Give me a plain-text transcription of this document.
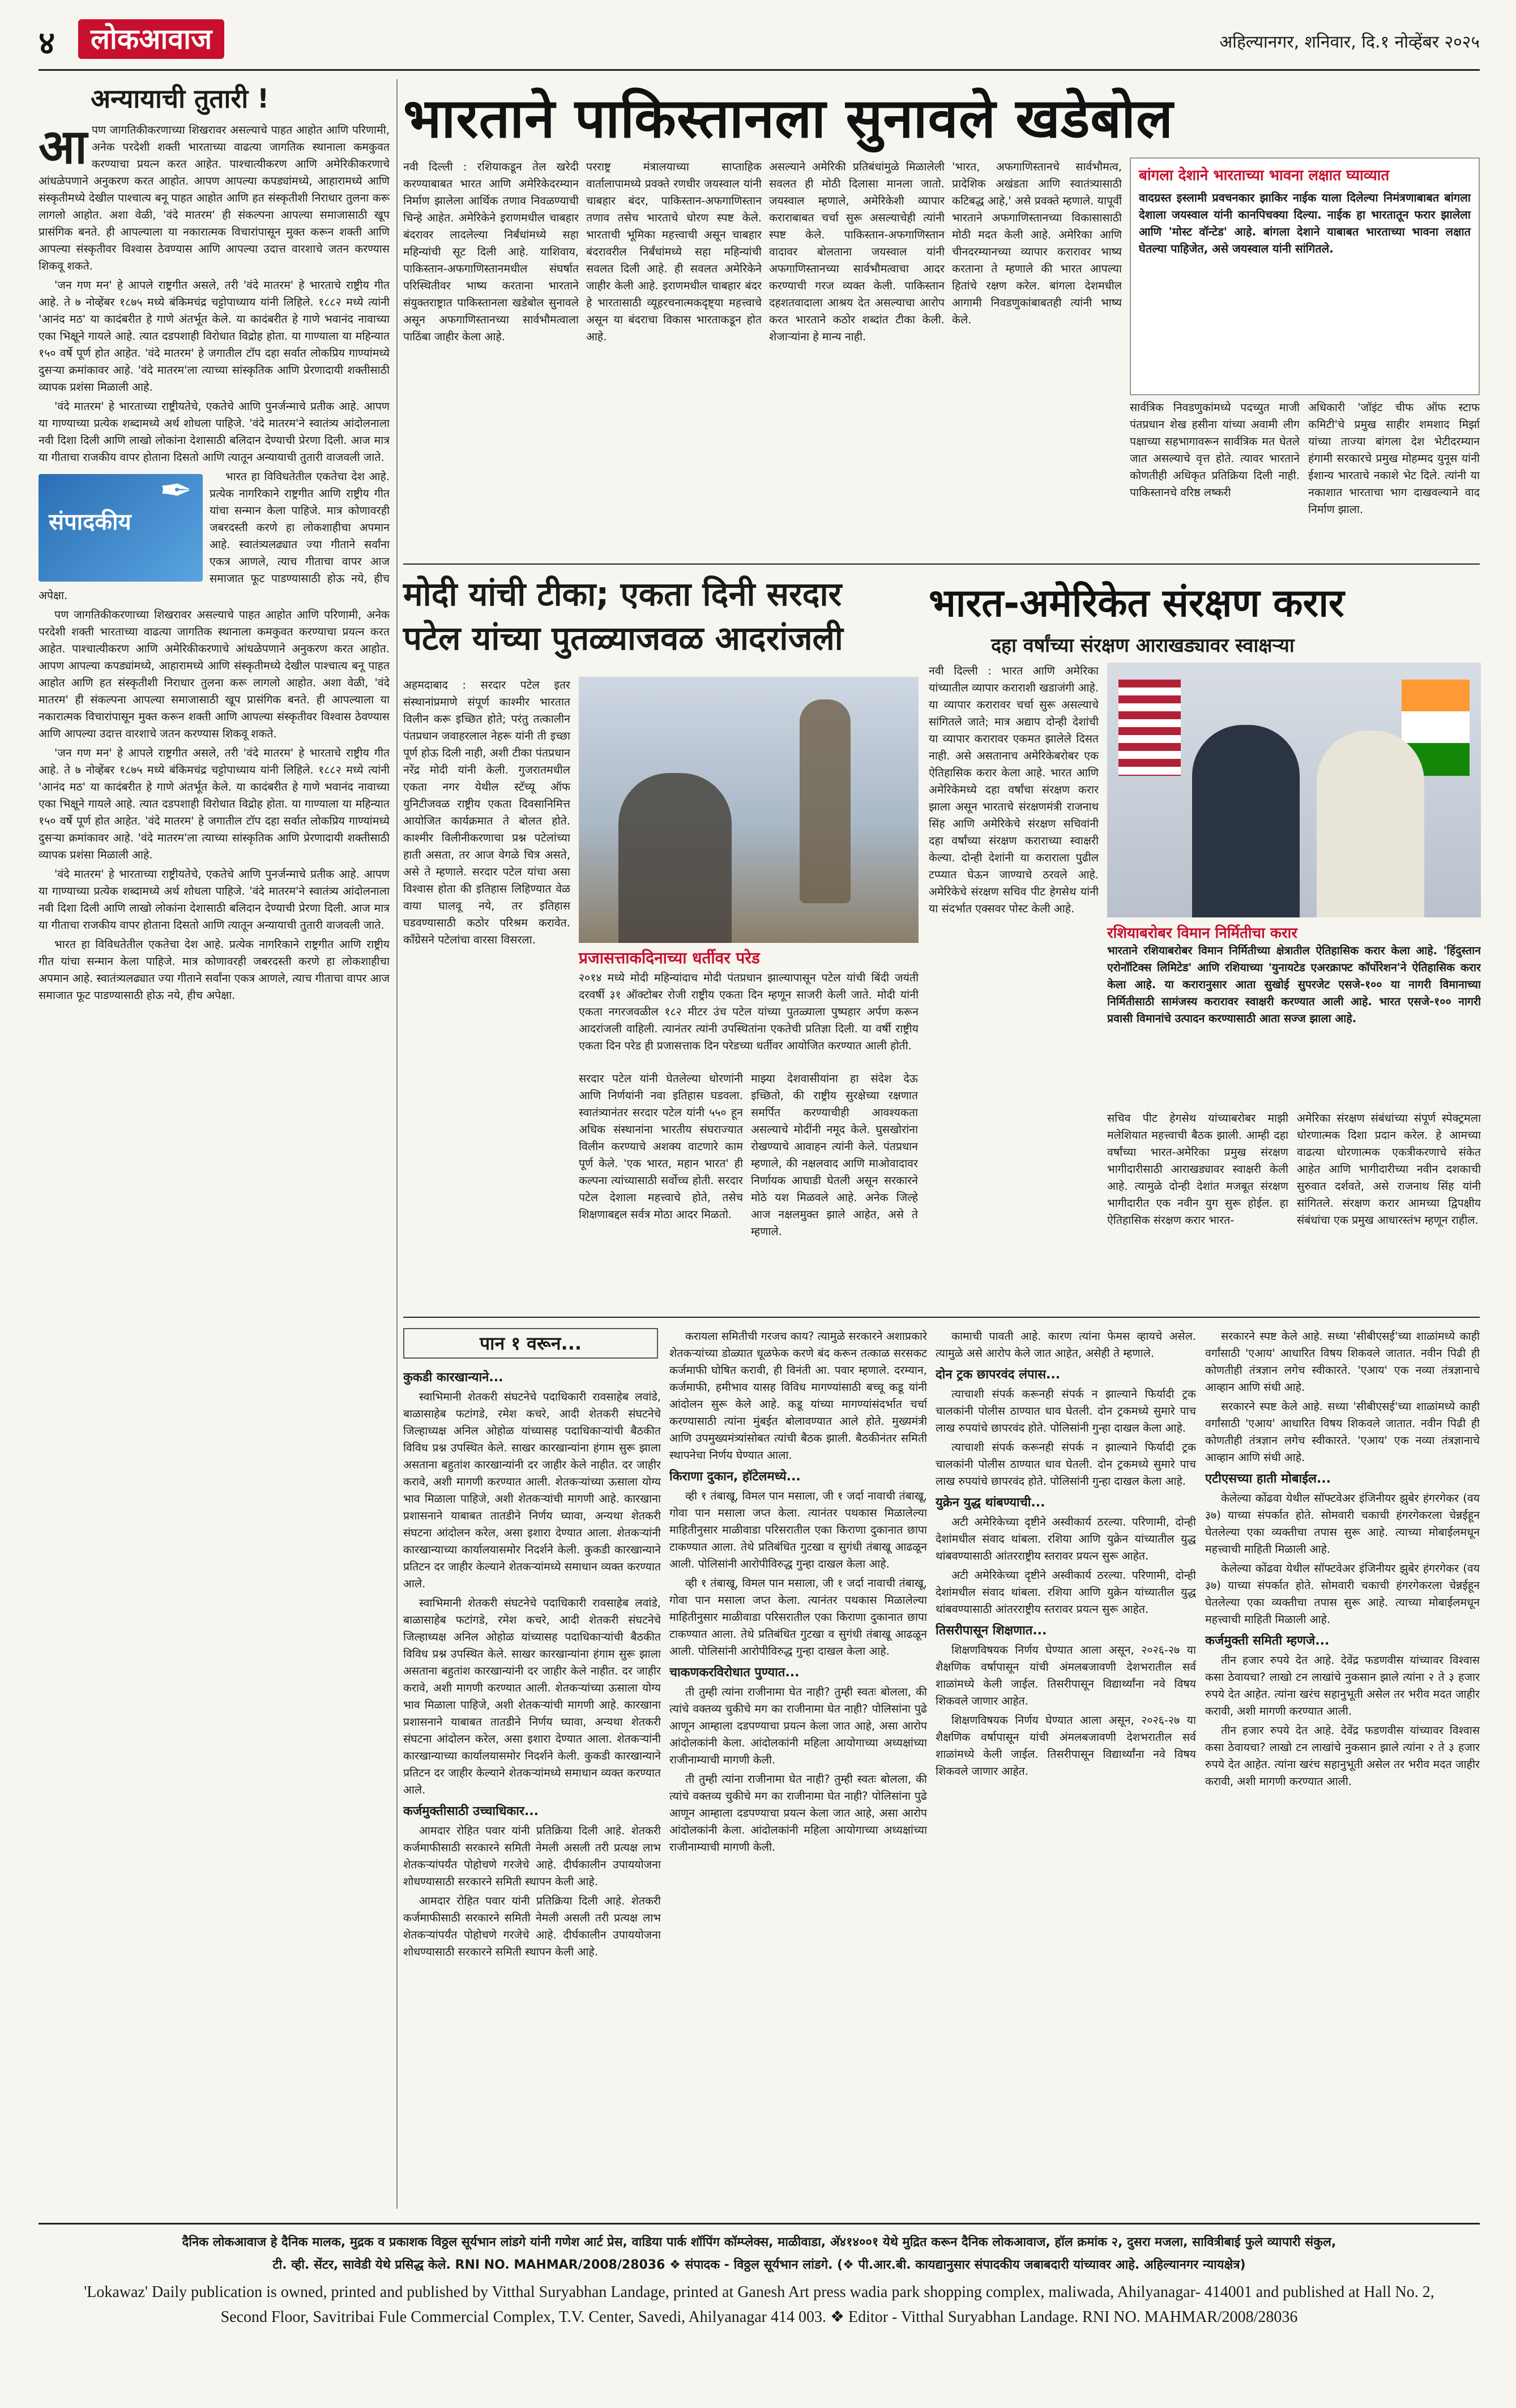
४	लोकआवाज	अहिल्यानगर, शनिवार, दि.१ नोव्हेंबर २०२५
अन्यायाची तुतारी !
आ पण जागतिकीकरणाच्या शिखरावर असल्याचे पाहत आहोत आणि परिणामी, अनेक परदेशी शक्ती भारताच्या वाढत्या जागतिक स्थानाला कमकुवत करण्याचा प्रयत्न करत आहेत. पाश्चात्यीकरण आणि अमेरिकीकरणाचे आंधळेपणाने अनुकरण करत आहोत. आपण आपल्या कपड्यांमध्ये, आहारामध्ये आणि संस्कृतीमध्ये देखील पाश्चात्य बनू पाहत आहोत आणि हत संस्कृतीशी निराधार तुलना करू लागलो आहोत. अशा वेळी, 'वंदे मातरम' ही संकल्पना आपल्या समाजासाठी खूप प्रासंगिक बनते. ही आपल्याला या नकारात्मक विचारांपासून मुक्त करून शक्ती आणि आपल्या संस्कृतीवर विश्वास ठेवण्यास आणि आपल्या उदात्त वारशाचे जतन करण्यास शिकवू शकते.

'जन गण मन' हे आपले राष्ट्रगीत असले, तरी 'वंदे मातरम' हे भारताचे राष्ट्रीय गीत आहे. ते ७ नोव्हेंबर १८७५ मध्ये बंकिमचंद्र चट्टोपाध्याय यांनी लिहिले. १८८२ मध्ये त्यांनी 'आनंद मठ' या कादंबरीत हे गाणे अंतर्भूत केले. या कादंबरीत हे गाणे भवानंद नावाच्या एका भिक्षूने गायले आहे. त्यात दडपशाही विरोधात विद्रोह होता. या गाण्याला या महिन्यात १५० वर्षे पूर्ण होत आहेत. 'वंदे मातरम' हे जगातील टॉप दहा सर्वात लोकप्रिय गाण्यांमध्ये दुसऱ्या क्रमांकावर आहे. 'वंदे मातरम'ला त्याच्या सांस्कृतिक आणि प्रेरणादायी शक्तीसाठी व्यापक प्रशंसा मिळाली आहे.

'वंदे मातरम' हे भारताच्या राष्ट्रीयतेचे, एकतेचे आणि पुनर्जन्माचे प्रतीक आहे. आपण या गाण्याच्या प्रत्येक शब्दामध्ये अर्थ शोधला पाहिजे. 'वंदे मातरम'ने स्वातंत्र्य आंदोलनाला नवी दिशा दिली आणि लाखो लोकांना देशासाठी बलिदान देण्याची प्रेरणा दिली. आज मात्र या गीताचा राजकीय वापर होताना दिसतो आणि त्यातून अन्यायाची तुतारी वाजवली जाते.

संपादकीय
✒	भारत हा विविधतेतील एकतेचा देश आहे. प्रत्येक नागरिकाने राष्ट्रगीत आणि राष्ट्रीय गीत यांचा सन्मान केला पाहिजे. मात्र कोणावरही जबरदस्ती करणे हा लोकशाहीचा अपमान आहे. स्वातंत्र्यलढ्यात ज्या गीताने सर्वांना एकत्र आणले, त्याच गीताचा वापर आज समाजात फूट पाडण्यासाठी होऊ नये, हीच अपेक्षा.

पण जागतिकीकरणाच्या शिखरावर असल्याचे पाहत आहोत आणि परिणामी, अनेक परदेशी शक्ती भारताच्या वाढत्या जागतिक स्थानाला कमकुवत करण्याचा प्रयत्न करत आहेत. पाश्चात्यीकरण आणि अमेरिकीकरणाचे आंधळेपणाने अनुकरण करत आहोत. आपण आपल्या कपड्यांमध्ये, आहारामध्ये आणि संस्कृतीमध्ये देखील पाश्चात्य बनू पाहत आहोत आणि हत संस्कृतीशी निराधार तुलना करू लागलो आहोत. अशा वेळी, 'वंदे मातरम' ही संकल्पना आपल्या समाजासाठी खूप प्रासंगिक बनते. ही आपल्याला या नकारात्मक विचारांपासून मुक्त करून शक्ती आणि आपल्या संस्कृतीवर विश्वास ठेवण्यास आणि आपल्या उदात्त वारशाचे जतन करण्यास शिकवू शकते.

'जन गण मन' हे आपले राष्ट्रगीत असले, तरी 'वंदे मातरम' हे भारताचे राष्ट्रीय गीत आहे. ते ७ नोव्हेंबर १८७५ मध्ये बंकिमचंद्र चट्टोपाध्याय यांनी लिहिले. १८८२ मध्ये त्यांनी 'आनंद मठ' या कादंबरीत हे गाणे अंतर्भूत केले. या कादंबरीत हे गाणे भवानंद नावाच्या एका भिक्षूने गायले आहे. त्यात दडपशाही विरोधात विद्रोह होता. या गाण्याला या महिन्यात १५० वर्षे पूर्ण होत आहेत. 'वंदे मातरम' हे जगातील टॉप दहा सर्वात लोकप्रिय गाण्यांमध्ये दुसऱ्या क्रमांकावर आहे. 'वंदे मातरम'ला त्याच्या सांस्कृतिक आणि प्रेरणादायी शक्तीसाठी व्यापक प्रशंसा मिळाली आहे.

'वंदे मातरम' हे भारताच्या राष्ट्रीयतेचे, एकतेचे आणि पुनर्जन्माचे प्रतीक आहे. आपण या गाण्याच्या प्रत्येक शब्दामध्ये अर्थ शोधला पाहिजे. 'वंदे मातरम'ने स्वातंत्र्य आंदोलनाला नवी दिशा दिली आणि लाखो लोकांना देशासाठी बलिदान देण्याची प्रेरणा दिली. आज मात्र या गीताचा राजकीय वापर होताना दिसतो आणि त्यातून अन्यायाची तुतारी वाजवली जाते.

भारत हा विविधतेतील एकतेचा देश आहे. प्रत्येक नागरिकाने राष्ट्रगीत आणि राष्ट्रीय गीत यांचा सन्मान केला पाहिजे. मात्र कोणावरही जबरदस्ती करणे हा लोकशाहीचा अपमान आहे. स्वातंत्र्यलढ्यात ज्या गीताने सर्वांना एकत्र आणले, त्याच गीताचा वापर आज समाजात फूट पाडण्यासाठी होऊ नये, हीच अपेक्षा.

भारताने पाकिस्तानला सुनावले खडेबोल
नवी दिल्ली : रशियाकडून तेल खरेदी करण्याबाबत भारत आणि अमेरिकेदरम्यान निर्माण झालेला आर्थिक तणाव निवळण्याची चिन्हे आहेत. अमेरिकेने इराणमधील चाबहार बंदरावर लादलेल्या निर्बंधांमध्ये सहा महिन्यांची सूट दिली आहे. याशिवाय, पाकिस्तान-अफगाणिस्तानमधील संघर्षात परिस्थितीवर भाष्य करताना भारताने संयुक्तराष्ट्रात पाकिस्तानला खडेबोल सुनावले असून अफगाणिस्तानच्या सार्वभौमत्वाला पाठिंबा जाहीर केला आहे.
परराष्ट्र मंत्रालयाच्या साप्ताहिक वार्तालापामध्ये प्रवक्ते रणधीर जयस्वाल यांनी चाबहार बंदर, पाकिस्तान-अफगाणिस्तान तणाव तसेच भारताचे धोरण स्पष्ट केले. भारताची भूमिका महत्त्वाची असून चाबहार बंदरावरील निर्बंधांमध्ये सहा महिन्यांची सवलत दिली आहे. ही सवलत अमेरिकेने जाहीर केली आहे. इराणमधील चाबहार बंदर हे भारतासाठी व्यूहरचनात्मकदृष्ट्या महत्त्वाचे असून या बंदराचा विकास भारताकडून होत आहे.
असल्याने अमेरिकी प्रतिबंधांमुळे मिळालेली सवलत ही मोठी दिलासा मानला जातो. जयस्वाल म्हणाले, अमेरिकेशी व्यापार कराराबाबत चर्चा सुरू असल्याचेही त्यांनी स्पष्ट केले. पाकिस्तान-अफगाणिस्तान वादावर बोलताना जयस्वाल यांनी अफगाणिस्तानच्या सार्वभौमत्वाचा आदर करण्याची गरज व्यक्त केली. पाकिस्तान दहशतवादाला आश्रय देत असल्याचा आरोप करत भारताने कठोर शब्दांत टीका केली. शेजाऱ्यांना हे मान्य नाही.
'भारत, अफगाणिस्तानचे सार्वभौमत्व, प्रादेशिक अखंडता आणि स्वातंत्र्यासाठी कटिबद्ध आहे,' असे प्रवक्ते म्हणाले. यापूर्वी भारताने अफगाणिस्तानच्या विकासासाठी मोठी मदत केली आहे. अमेरिका आणि चीनदरम्यानच्या व्यापार करारावर भाष्य करताना ते म्हणाले की भारत आपल्या हितांचे रक्षण करेल. बांगला देशमधील आगामी निवडणुकांबाबतही त्यांनी भाष्य केले.
बांगला देशाने भारताच्या भावना लक्षात घ्याव्यात
वादग्रस्त इस्लामी प्रवचनकार झाकिर नाईक याला दिलेल्या निमंत्रणाबाबत बांगला देशाला जयस्वाल यांनी कानपिचक्या दिल्या. नाईक हा भारतातून फरार झालेला आणि 'मोस्ट वॉन्टेड' आहे. बांगला देशाने याबाबत भारताच्या भावना लक्षात घेतल्या पाहिजेत, असे जयस्वाल यांनी सांगितले.
सार्वत्रिक निवडणुकांमध्ये पदच्युत माजी पंतप्रधान शेख हसीना यांच्या अवामी लीग पक्षाच्या सहभागावरून सार्वत्रिक मत घेतले जात असल्याचे वृत्त होते. त्यावर भारताने कोणतीही अधिकृत प्रतिक्रिया दिली नाही. पाकिस्तानचे वरिष्ठ लष्करी
अधिकारी 'जॉइंट चीफ ऑफ स्टाफ कमिटी'चे प्रमुख साहीर शमशाद मिर्झा यांच्या ताज्या बांगला देश भेटीदरम्यान हंगामी सरकारचे प्रमुख मोहम्मद युनूस यांनी ईशान्य भारताचे नकाशे भेट दिले. त्यांनी या नकाशात भारताचा भाग दाखवल्याने वाद निर्माण झाला.
मोदी यांची टीका; एकता दिनी सरदार
पटेल यांच्या पुतळ्याजवळ आदरांजली
अहमदाबाद : सरदार पटेल इतर संस्थानांप्रमाणे संपूर्ण काश्मीर भारतात विलीन करू इच्छित होते; परंतु तत्कालीन पंतप्रधान जवाहरलाल नेहरू यांनी ती इच्छा पूर्ण होऊ दिली नाही, अशी टीका पंतप्रधान नरेंद्र मोदी यांनी केली. गुजरातमधील एकता नगर येथील स्टॅच्यू ऑफ युनिटीजवळ राष्ट्रीय एकता दिवसानिमित्त आयोजित कार्यक्रमात ते बोलत होते. काश्मीर विलीनीकरणाचा प्रश्न पटेलांच्या हाती असता, तर आज वेगळे चित्र असते, असे ते म्हणाले. सरदार पटेल यांचा असा विश्वास होता की इतिहास लिहिण्यात वेळ वाया घालवू नये, तर इतिहास घडवण्यासाठी कठोर परिश्रम करावेत. काँग्रेसने पटेलांचा वारसा विसरला.
प्रजासत्ताकदिनाच्या धर्तीवर परेड
२०१४ मध्ये मोदी महिन्यांदाच मोदी पंतप्रधान झाल्यापासून पटेल यांची बिंदी जयंती दरवर्षी ३१ ऑक्टोबर रोजी राष्ट्रीय एकता दिन म्हणून साजरी केली जाते. मोदी यांनी एकता नगरजवळील १८२ मीटर उंच पटेल यांच्या पुतळ्याला पुष्पहार अर्पण करून आदरांजली वाहिली. त्यानंतर त्यांनी उपस्थितांना एकतेची प्रतिज्ञा दिली. या वर्षी राष्ट्रीय एकता दिन परेड ही प्रजासत्ताक दिन परेडच्या धर्तीवर आयोजित करण्यात आली होती.
सरदार पटेल यांनी घेतलेल्या धोरणांनी आणि निर्णयांनी नवा इतिहास घडवला. स्वातंत्र्यानंतर सरदार पटेल यांनी ५५० हून अधिक संस्थानांना भारतीय संघराज्यात विलीन करण्याचे अशक्य वाटणारे काम पूर्ण केले. 'एक भारत, महान भारत' ही कल्पना त्यांच्यासाठी सर्वोच्च होती. सरदार पटेल देशाला महत्त्वाचे होते, तसेच शिक्षणाबद्दल सर्वत्र मोठा आदर मिळतो.
माझ्या देशवासीयांना हा संदेश देऊ इच्छितो, की राष्ट्रीय सुरक्षेच्या रक्षणात समर्पित करण्याचीही आवश्यकता असल्याचे मोदींनी नमूद केले. घुसखोरांना रोखण्याचे आवाहन त्यांनी केले. पंतप्रधान म्हणाले, की नक्षलवाद आणि माओवादावर निर्णायक आघाडी घेतली असून सरकारने मोठे यश मिळवले आहे. अनेक जिल्हे आज नक्षलमुक्त झाले आहेत, असे ते म्हणाले.
भारत-अमेरिकेत संरक्षण करार
दहा वर्षांच्या संरक्षण आराखड्यावर स्वाक्षऱ्या
नवी दिल्ली : भारत आणि अमेरिका यांच्यातील व्यापार कराराशी खडाजंगी आहे. या व्यापार करारावर चर्चा सुरू असल्याचे सांगितले जाते; मात्र अद्याप दोन्ही देशांची या व्यापार करारावर एकमत झालेले दिसत नाही. असे असतानाच अमेरिकेबरोबर एक ऐतिहासिक करार केला आहे. भारत आणि अमेरिकेमध्ये दहा वर्षांचा संरक्षण करार झाला असून भारताचे संरक्षणमंत्री राजनाथ सिंह आणि अमेरिकेचे संरक्षण सचिवांनी दहा वर्षांच्या संरक्षण कराराच्या स्वाक्षरी केल्या. दोन्ही देशांनी या कराराला पुढील टप्प्यात घेऊन जाण्याचे ठरवले आहे. अमेरिकेचे संरक्षण सचिव पीट हेगसेथ यांनी या संदर्भात एक्सवर पोस्ट केली आहे.
रशियाबरोबर विमान निर्मितीचा करार
भारताने रशियाबरोबर विमान निर्मितीच्या क्षेत्रातील ऐतिहासिक करार केला आहे. 'हिंदुस्तान एरोनॉटिक्स लिमिटेड' आणि रशियाच्या 'युनायटेड एअरक्राफ्ट कॉर्पोरेशन'ने ऐतिहासिक करार केला आहे. या करारानुसार आता सुखोई सुपरजेट एसजे-१०० या नागरी विमानाच्या निर्मितीसाठी सामंजस्य करारावर स्वाक्षरी करण्यात आली आहे. भारत एसजे-१०० नागरी प्रवासी विमानांचे उत्पादन करण्यासाठी आता सज्ज झाला आहे.
सचिव पीट हेगसेथ यांच्याबरोबर माझी मलेशियात महत्त्वाची बैठक झाली. आम्ही दहा वर्षांच्या भारत-अमेरिका प्रमुख संरक्षण भागीदारीसाठी आराखड्यावर स्वाक्षरी केली आहे. त्यामुळे दोन्ही देशांत मजबूत संरक्षण भागीदारीत एक नवीन युग सुरू होईल. हा ऐतिहासिक संरक्षण करार भारत-
अमेरिका संरक्षण संबंधांच्या संपूर्ण स्पेक्ट्रमला धोरणात्मक दिशा प्रदान करेल. हे आमच्या वाढत्या धोरणात्मक एकत्रीकरणाचे संकेत आहेत आणि भागीदारीच्या नवीन दशकाची सुरुवात दर्शवते, असे राजनाथ सिंह यांनी सांगितले. संरक्षण करार आमच्या द्विपक्षीय संबंधांचा एक प्रमुख आधारस्तंभ म्हणून राहील.
पान १ वरून...
कुकडी कारखान्याने...

स्वाभिमानी शेतकरी संघटनेचे पदाधिकारी रावसाहेब लवांडे, बाळासाहेब फटांगडे, रमेश कचरे, आदी शेतकरी संघटनेचे जिल्हाध्यक्ष अनिल ओहोळ यांच्यासह पदाधिकाऱ्यांची बैठकीत विविध प्रश्न उपस्थित केले. साखर कारखान्यांना हंगाम सुरू झाला असताना बहुतांश कारखान्यांनी दर जाहीर केले नाहीत. दर जाहीर करावे, अशी मागणी करण्यात आली. शेतकऱ्यांच्या ऊसाला योग्य भाव मिळाला पाहिजे, अशी शेतकऱ्यांची मागणी आहे. कारखाना प्रशासनाने याबाबत तातडीने निर्णय घ्यावा, अन्यथा शेतकरी संघटना आंदोलन करेल, असा इशारा देण्यात आला. शेतकऱ्यांनी कारखान्याच्या कार्यालयासमोर निदर्शने केली. कुकडी कारखान्याने प्रतिटन दर जाहीर केल्याने शेतकऱ्यांमध्ये समाधान व्यक्त करण्यात आले.

स्वाभिमानी शेतकरी संघटनेचे पदाधिकारी रावसाहेब लवांडे, बाळासाहेब फटांगडे, रमेश कचरे, आदी शेतकरी संघटनेचे जिल्हाध्यक्ष अनिल ओहोळ यांच्यासह पदाधिकाऱ्यांची बैठकीत विविध प्रश्न उपस्थित केले. साखर कारखान्यांना हंगाम सुरू झाला असताना बहुतांश कारखान्यांनी दर जाहीर केले नाहीत. दर जाहीर करावे, अशी मागणी करण्यात आली. शेतकऱ्यांच्या ऊसाला योग्य भाव मिळाला पाहिजे, अशी शेतकऱ्यांची मागणी आहे. कारखाना प्रशासनाने याबाबत तातडीने निर्णय घ्यावा, अन्यथा शेतकरी संघटना आंदोलन करेल, असा इशारा देण्यात आला. शेतकऱ्यांनी कारखान्याच्या कार्यालयासमोर निदर्शने केली. कुकडी कारखान्याने प्रतिटन दर जाहीर केल्याने शेतकऱ्यांमध्ये समाधान व्यक्त करण्यात आले.

कर्जमुक्तीसाठी उच्चाधिकार...

आमदार रोहित पवार यांनी प्रतिक्रिया दिली आहे. शेतकरी कर्जमाफीसाठी सरकारने समिती नेमली असली तरी प्रत्यक्ष लाभ शेतकऱ्यांपर्यंत पोहोचणे गरजेचे आहे. दीर्घकालीन उपाययोजना शोधण्यासाठी सरकारने समिती स्थापन केली आहे.

आमदार रोहित पवार यांनी प्रतिक्रिया दिली आहे. शेतकरी कर्जमाफीसाठी सरकारने समिती नेमली असली तरी प्रत्यक्ष लाभ शेतकऱ्यांपर्यंत पोहोचणे गरजेचे आहे. दीर्घकालीन उपाययोजना शोधण्यासाठी सरकारने समिती स्थापन केली आहे.

करायला समितीची गरजच काय? त्यामुळे सरकारने अशाप्रकारे शेतकऱ्यांच्या डोळ्यात धूळफेक करणे बंद करून तत्काळ सरसकट कर्जमाफी घोषित करावी, ही विनंती आ. पवार म्हणाले. दरम्यान, कर्जमाफी, हमीभाव यासह विविध मागण्यांसाठी बच्चू कडू यांनी आंदोलन सुरू केले आहे. कडू यांच्या मागण्यांसंदर्भात चर्चा करण्यासाठी त्यांना मुंबईत बोलावण्यात आले होते. मुख्यमंत्री आणि उपमुख्यमंत्र्यांसोबत त्यांची बैठक झाली. बैठकीनंतर समिती स्थापनेचा निर्णय घेण्यात आला.

किराणा दुकान, हॉटेलमध्ये...

व्ही १ तंबाखू, विमल पान मसाला, जी १ जर्दा नावाची तंबाखू, गोवा पान मसाला जप्त केला. त्यानंतर पथकास मिळालेल्या माहितीनुसार माळीवाडा परिसरातील एका किराणा दुकानात छापा टाकण्यात आला. तेथे प्रतिबंधित गुटखा व सुगंधी तंबाखू आढळून आली. पोलिसांनी आरोपीविरुद्ध गुन्हा दाखल केला आहे.

व्ही १ तंबाखू, विमल पान मसाला, जी १ जर्दा नावाची तंबाखू, गोवा पान मसाला जप्त केला. त्यानंतर पथकास मिळालेल्या माहितीनुसार माळीवाडा परिसरातील एका किराणा दुकानात छापा टाकण्यात आला. तेथे प्रतिबंधित गुटखा व सुगंधी तंबाखू आढळून आली. पोलिसांनी आरोपीविरुद्ध गुन्हा दाखल केला आहे.

चाकणकरविरोधात पुण्यात...

ती तुम्ही त्यांना राजीनामा घेत नाही? तुम्ही स्वतः बोलला, की त्यांचे वक्तव्य चुकीचे मग का राजीनामा घेत नाही? पोलिसांना पुढे आणून आम्हाला दडपण्याचा प्रयत्न केला जात आहे, असा आरोप आंदोलकांनी केला. आंदोलकांनी महिला आयोगाच्या अध्यक्षांच्या राजीनाम्याची मागणी केली.

ती तुम्ही त्यांना राजीनामा घेत नाही? तुम्ही स्वतः बोलला, की त्यांचे वक्तव्य चुकीचे मग का राजीनामा घेत नाही? पोलिसांना पुढे आणून आम्हाला दडपण्याचा प्रयत्न केला जात आहे, असा आरोप आंदोलकांनी केला. आंदोलकांनी महिला आयोगाच्या अध्यक्षांच्या राजीनाम्याची मागणी केली.

कामाची पावती आहे. कारण त्यांना फेमस व्हायचे असेल. त्यामुळे असे आरोप केले जात आहेत, असेही ते म्हणाले.

दोन ट्रक छापरवंद लंपास...

त्याचाशी संपर्क करूनही संपर्क न झाल्याने फिर्यादी ट्रक चालकांनी पोलीस ठाण्यात धाव घेतली. दोन ट्रकमध्ये सुमारे पाच लाख रुपयांचे छापरवंद होते. पोलिसांनी गुन्हा दाखल केला आहे.

त्याचाशी संपर्क करूनही संपर्क न झाल्याने फिर्यादी ट्रक चालकांनी पोलीस ठाण्यात धाव घेतली. दोन ट्रकमध्ये सुमारे पाच लाख रुपयांचे छापरवंद होते. पोलिसांनी गुन्हा दाखल केला आहे.

युक्रेन युद्ध थांबण्याची...

अटी अमेरिकेच्या दृष्टीने अस्वीकार्य ठरल्या. परिणामी, दोन्ही देशांमधील संवाद थांबला. रशिया आणि युक्रेन यांच्यातील युद्ध थांबवण्यासाठी आंतरराष्ट्रीय स्तरावर प्रयत्न सुरू आहेत.

अटी अमेरिकेच्या दृष्टीने अस्वीकार्य ठरल्या. परिणामी, दोन्ही देशांमधील संवाद थांबला. रशिया आणि युक्रेन यांच्यातील युद्ध थांबवण्यासाठी आंतरराष्ट्रीय स्तरावर प्रयत्न सुरू आहेत.

तिसरीपासून शिक्षणात...

शिक्षणविषयक निर्णय घेण्यात आला असून, २०२६-२७ या शैक्षणिक वर्षापासून यांची अंमलबजावणी देशभरातील सर्व शाळांमध्ये केली जाईल. तिसरीपासून विद्यार्थ्यांना नवे विषय शिकवले जाणार आहेत.

शिक्षणविषयक निर्णय घेण्यात आला असून, २०२६-२७ या शैक्षणिक वर्षापासून यांची अंमलबजावणी देशभरातील सर्व शाळांमध्ये केली जाईल. तिसरीपासून विद्यार्थ्यांना नवे विषय शिकवले जाणार आहेत.

सरकारने स्पष्ट केले आहे. सध्या 'सीबीएसई'च्या शाळांमध्ये काही वर्गांसाठी 'एआय' आधारित विषय शिकवले जातात. नवीन पिढी ही कोणतीही तंत्रज्ञान लगेच स्वीकारते. 'एआय' एक नव्या तंत्रज्ञानाचे आव्हान आणि संधी आहे.

सरकारने स्पष्ट केले आहे. सध्या 'सीबीएसई'च्या शाळांमध्ये काही वर्गांसाठी 'एआय' आधारित विषय शिकवले जातात. नवीन पिढी ही कोणतीही तंत्रज्ञान लगेच स्वीकारते. 'एआय' एक नव्या तंत्रज्ञानाचे आव्हान आणि संधी आहे.

एटीएसच्या हाती मोबाईल...

केलेल्या कोंढवा येथील सॉफ्टवेअर इंजिनीयर झुबेर हंगरगेकर (वय ३७) याच्या संपर्कात होते. सोमवारी चकाची हंगरगेकरला चेन्नईहून घेतलेल्या एका व्यक्तीचा तपास सुरू आहे. त्याच्या मोबाईलमधून महत्त्वाची माहिती मिळाली आहे.

केलेल्या कोंढवा येथील सॉफ्टवेअर इंजिनीयर झुबेर हंगरगेकर (वय ३७) याच्या संपर्कात होते. सोमवारी चकाची हंगरगेकरला चेन्नईहून घेतलेल्या एका व्यक्तीचा तपास सुरू आहे. त्याच्या मोबाईलमधून महत्त्वाची माहिती मिळाली आहे.

कर्जमुक्ती समिती म्हणजे...

तीन हजार रुपये देत आहे. देवेंद्र फडणवीस यांच्यावर विश्वास कसा ठेवायचा? लाखो टन लाखांचे नुकसान झाले त्यांना २ ते ३ हजार रुपये देत आहेत. त्यांना खरंच सहानुभूती असेल तर भरीव मदत जाहीर करावी, अशी मागणी करण्यात आली.

तीन हजार रुपये देत आहे. देवेंद्र फडणवीस यांच्यावर विश्वास कसा ठेवायचा? लाखो टन लाखांचे नुकसान झाले त्यांना २ ते ३ हजार रुपये देत आहेत. त्यांना खरंच सहानुभूती असेल तर भरीव मदत जाहीर करावी, अशी मागणी करण्यात आली.

दैनिक लोकआवाज हे दैनिक मालक, मुद्रक व प्रकाशक विठ्ठल सूर्यभान लांडगे यांनी गणेश आर्ट प्रेस, वाडिया पार्क शॉपिंग कॉम्प्लेक्स, माळीवाडा, अ‍ॅ४१४००१ येथे मुद्रित करून दैनिक लोकआवाज, हॉल क्रमांक २, दुसरा मजला, सावित्रीबाई फुले व्यापारी संकुल,
टी. व्ही. सेंटर, सावेडी येथे प्रसिद्ध केले. RNI NO. MAHMAR/2008/28036 ❖ संपादक - विठ्ठल सूर्यभान लांडगे. (❖ पी.आर.बी. कायद्यानुसार संपादकीय जबाबदारी यांच्यावर आहे. अहिल्यानगर न्यायक्षेत्र)
'Lokawaz' Daily publication is owned, printed and published by Vitthal Suryabhan Landage, printed at Ganesh Art press wadia park shopping complex, maliwada, Ahilyanagar- 414001 and published at Hall No. 2,
Second Floor, Savitribai Fule Commercial Complex, T.V. Center, Savedi, Ahilyanagar 414 003. ❖ Editor - Vitthal Suryabhan Landage. RNI NO. MAHMAR/2008/28036
